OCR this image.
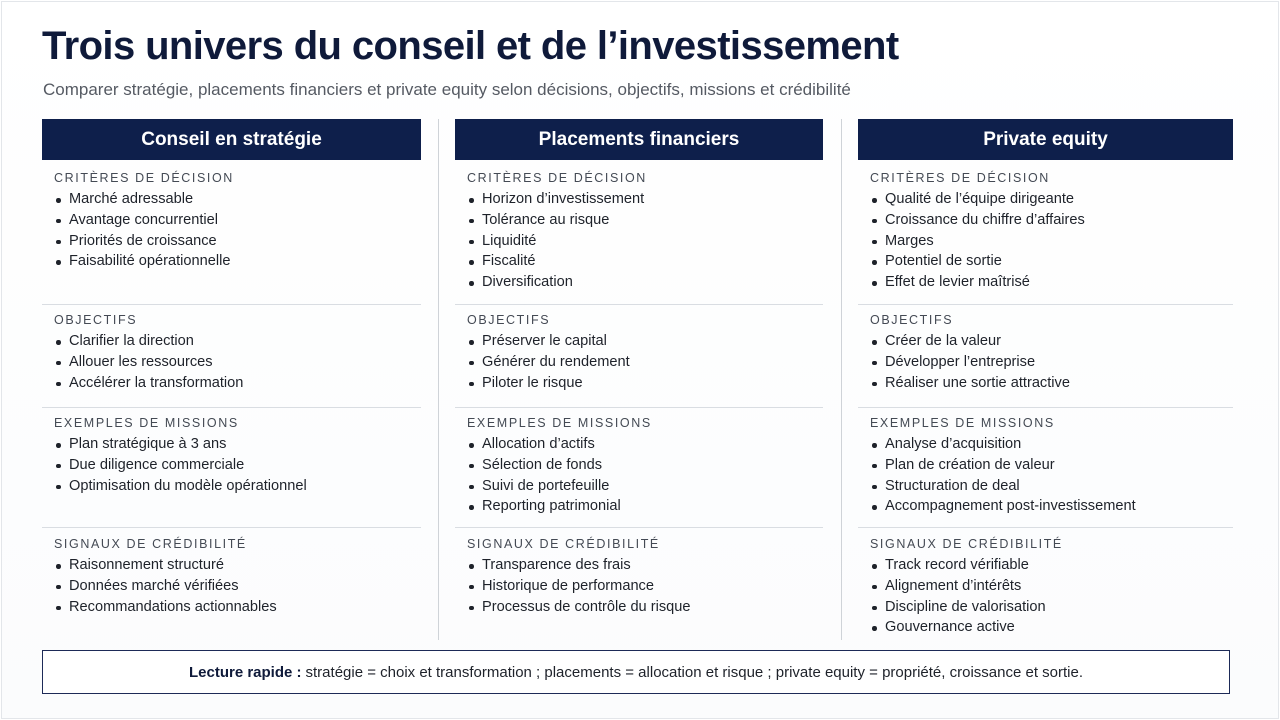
Trois univers du conseil et de l’investissement
Comparer stratégie, placements financiers et private equity selon décisions, objectifs, missions et crédibilité
Conseil en stratégie
CRITÈRES DE DÉCISION
Marché adressable
Avantage concurrentiel
Priorités de croissance
Faisabilité opérationnelle
OBJECTIFS
Clarifier la direction
Allouer les ressources
Accélérer la transformation
EXEMPLES DE MISSIONS
Plan stratégique à 3 ans
Due diligence commerciale
Optimisation du modèle opérationnel
SIGNAUX DE CRÉDIBILITÉ
Raisonnement structuré
Données marché vérifiées
Recommandations actionnables
Placements financiers
CRITÈRES DE DÉCISION
Horizon d’investissement
Tolérance au risque
Liquidité
Fiscalité
Diversification
OBJECTIFS
Préserver le capital
Générer du rendement
Piloter le risque
EXEMPLES DE MISSIONS
Allocation d’actifs
Sélection de fonds
Suivi de portefeuille
Reporting patrimonial
SIGNAUX DE CRÉDIBILITÉ
Transparence des frais
Historique de performance
Processus de contrôle du risque
Private equity
CRITÈRES DE DÉCISION
Qualité de l’équipe dirigeante
Croissance du chiffre d’affaires
Marges
Potentiel de sortie
Effet de levier maîtrisé
OBJECTIFS
Créer de la valeur
Développer l’entreprise
Réaliser une sortie attractive
EXEMPLES DE MISSIONS
Analyse d’acquisition
Plan de création de valeur
Structuration de deal
Accompagnement post-investissement
SIGNAUX DE CRÉDIBILITÉ
Track record vérifiable
Alignement d’intérêts
Discipline de valorisation
Gouvernance active
Lecture rapide : stratégie = choix et transformation ; placements = allocation et risque ; private equity = propriété, croissance et sortie.
